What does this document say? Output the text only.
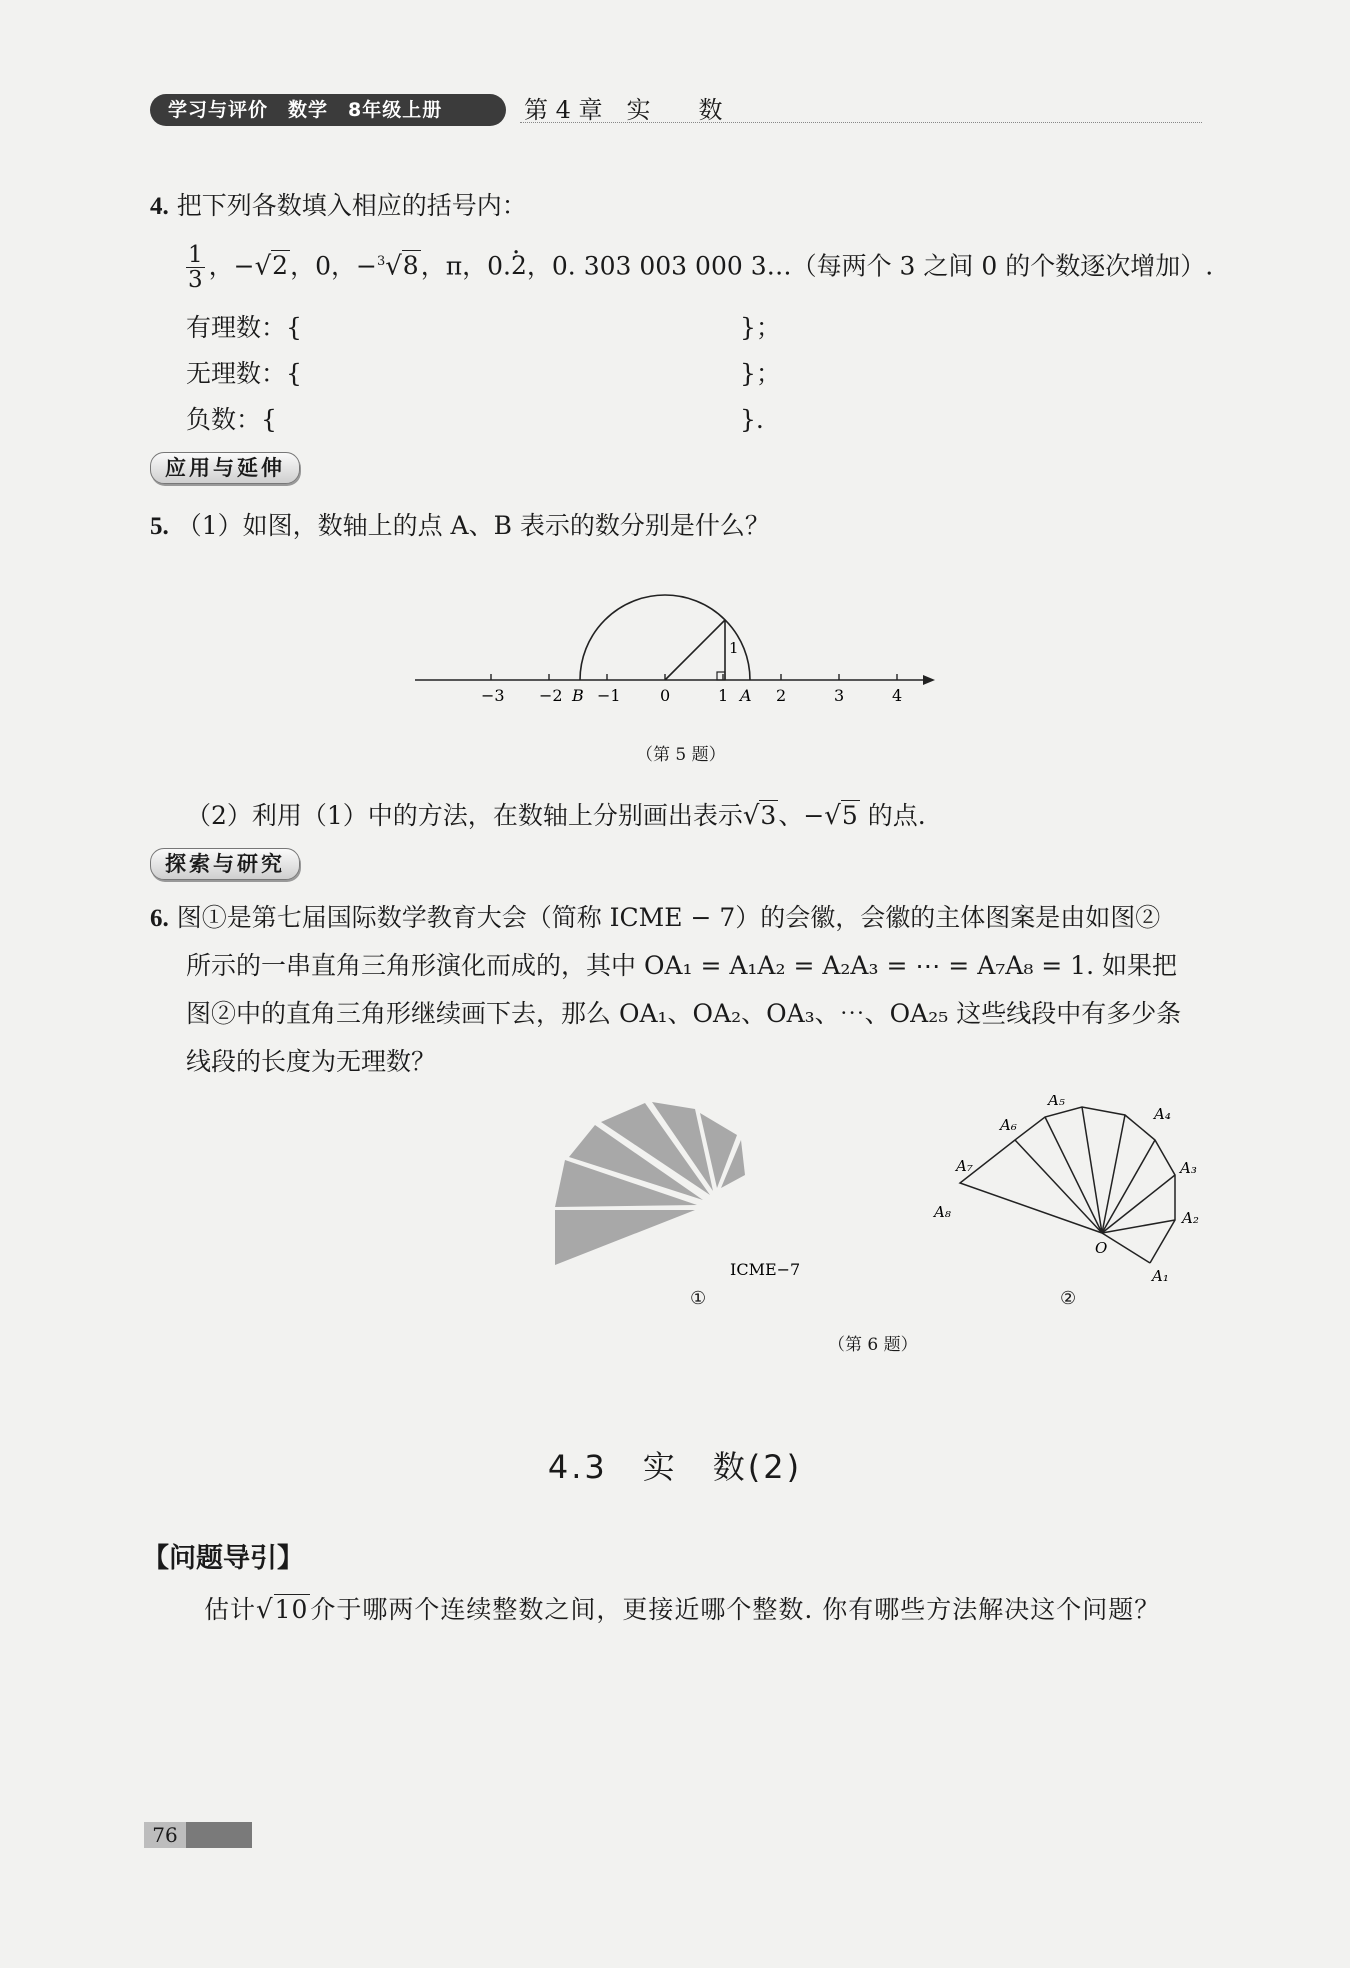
学习与评价　数学　8年级上册	第 4 章　实　　数
4. 把下列各数填入相应的括号内：
$\frac{1}{3}$ ，−√2，0，−$^3$√8，π，0.· 2，0. 303 003 000 3…（每两个 3 之间 0 的个数逐次增加）.
有理数：{	}；
无理数：{	}；
负数：{	}.
应用与延伸
5. （1）如图，数轴上的点 A、B 表示的数分别是什么？
1
−3 −2 −1 0	1	2	3	4
B	A
（第 5 题）
（2）利用（1）中的方法，在数轴上分别画出表示√3、−√5 的点.
探索与研究
6. 图①是第七届国际数学教育大会（简称 ICME − 7）的会徽，会徽的主体图案是由如图②
所示的一串直角三角形演化而成的，其中 OA₁ = A₁A₂ = A₂A₃ = ⋯ = A₇A₈ = 1. 如果把
图②中的直角三角形继续画下去，那么 OA₁、OA₂、OA₃、⋯、OA₂₅ 这些线段中有多少条
线段的长度为无理数？
ICME−7
①
A₁
A₂
A₃
A₄
A₅
A₆
A₇
A₈
O
②
（第 6 题）
4.3　实　数(2)
【问题导引】
估计√10介于哪两个连续整数之间，更接近哪个整数. 你有哪些方法解决这个问题？
76
